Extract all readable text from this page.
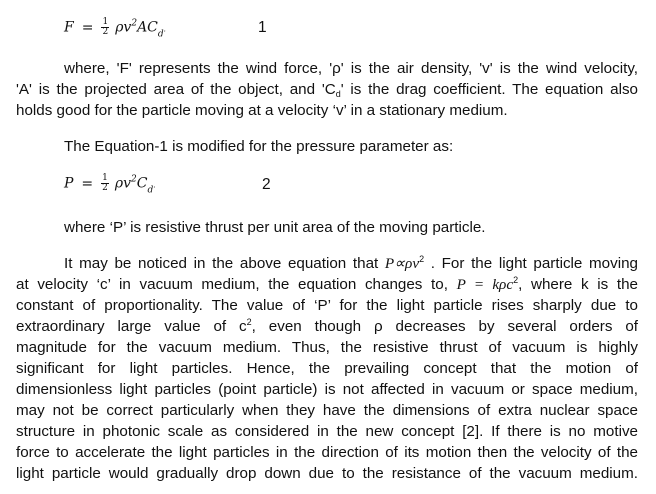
$F = \frac{1}{2} \rho v^2AC_d\cdot$	1
where, 'F' represents the wind force, 'ρ' is the air density, 'v' is the wind velocity,
'A' is the projected area of the object, and 'Cd' is the drag coefficient. The equation also
holds good for the particle moving at a velocity ‘v’ in a stationary medium.
The Equation-1 is modified for the pressure parameter as:
$P = \frac{1}{2} \rho v^2C_d\cdot$	2
where ‘P’ is resistive thrust per unit area of the moving particle.
It may be noticed in the above equation that $P\propto\rho v^2$ . For the light particle moving
at velocity ‘c’ in vacuum medium, the equation changes to, P = kρc$^2$, where k is the
constant of proportionality. The value of ‘P’ for the light particle rises sharply due to
extraordinary large value of $c^2$, even though ρ decreases by several orders of
magnitude for the vacuum medium. Thus, the resistive thrust of vacuum is highly
significant for light particles. Hence, the prevailing concept that the motion of
dimensionless light particles (point particle) is not affected in vacuum or space medium,
may not be correct particularly when they have the dimensions of extra nuclear space
structure in photonic scale as considered in the new concept [2]. If there is no motive
force to accelerate the light particles in the direction of its motion then the velocity of the
light particle would gradually drop down due to the resistance of the vacuum medium.
